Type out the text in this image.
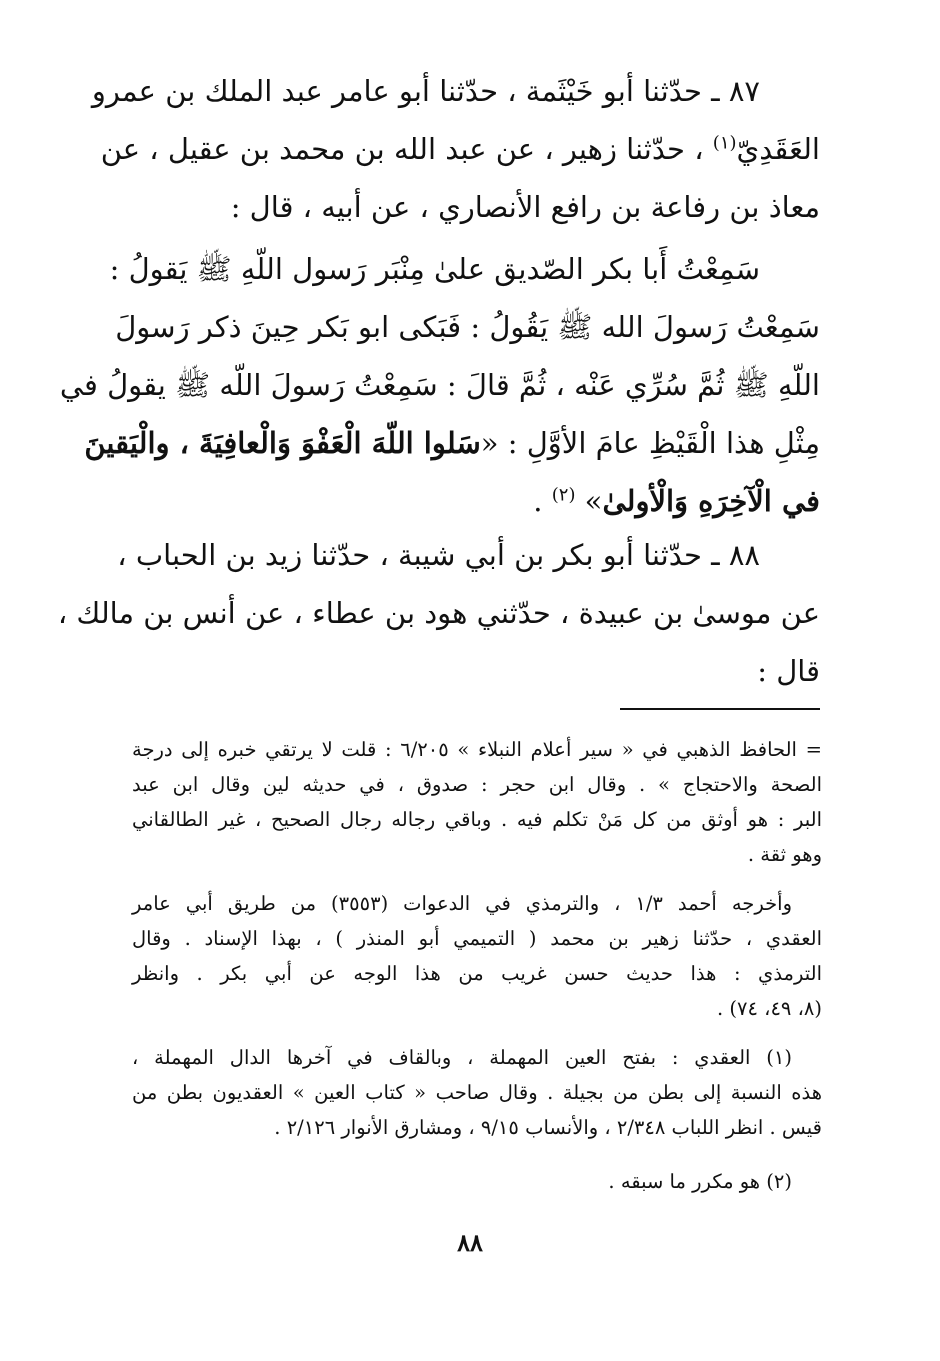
٨٧ ـ حدّثنا أبو خَيْثَمة ، حدّثنا أبو عامر عبد الملك بن عمرو
العَقَدِيّ$^{(١)}$ ، حدّثنا زهير ، عن عبد الله بن محمد بن عقيل ، عن
معاذ بن رفاعة بن رافع الأنصاري ، عن أبيه ، قال :
سَمِعْتُ أَبا بكر الصّديق علىٰ مِنْبَر رَسول اللّهِ ﷺ يَقولُ :
سَمِعْتُ رَسولَ الله ﷺ يَقُولُ : فَبَكى ابو بَكر حِينَ ذكر رَسولَ
اللّهِ ﷺ ثُمَّ سُرِّي عَنْه ، ثُمَّ قالَ : سَمِعْتُ رَسولَ اللّه ﷺ يقولُ في
مِثْلِ هذا الْقَيْظِ عامَ الأوَّلِ : «سَلوا اللّهَ الْعَفْوَ وَالْعافِيَةَ ، والْيَقينَ
في الْآخِرَهِ وَالْأولىٰ» $^{(٢)}$ .
٨٨ ـ حدّثنا أبو بكر بن أبي شيبة ، حدّثنا زيد بن الحباب ،
عن موسىٰ بن عبيدة ، حدّثني هود بن عطاء ، عن أنس بن مالك ،
قال :
= الحافظ الذهبي في « سير أعلام النبلاء » ٦/٢٠٥ : قلت لا يرتقي خبره إلى درجة
الصحة والاحتجاج » . وقال ابن حجر : صدوق ، في حديثه لين وقال ابن عبد
البر : هو أوثق من كل مَنْ تكلم فيه . وباقي رجاله رجال الصحيح ، غير الطالقاني
وهو ثقة .
وأخرجه أحمد ١/٣ ، والترمذي في الدعوات (٣٥٥٣) من طريق أبي عامر
العقدي ، حدّثنا زهير بن محمد ( التميمي أبو المنذر ) ، بهذا الإسناد . وقال
الترمذي : هذا حديث حسن غريب من هذا الوجه عن أبي بكر . وانظر
(٨، ٤٩، ٧٤) .
(١) العقدي : بفتح العين المهملة ، وبالقاف في آخرها الدال المهملة ،
هذه النسبة إلى بطن من بجيلة . وقال صاحب « كتاب العين » العقديون بطن من
قيس . انظر اللباب ٢/٣٤٨ ، والأنساب ٩/١٥ ، ومشارق الأنوار ٢/١٢٦ .
(٢) هو مكرر ما سبقه .
٨٨
